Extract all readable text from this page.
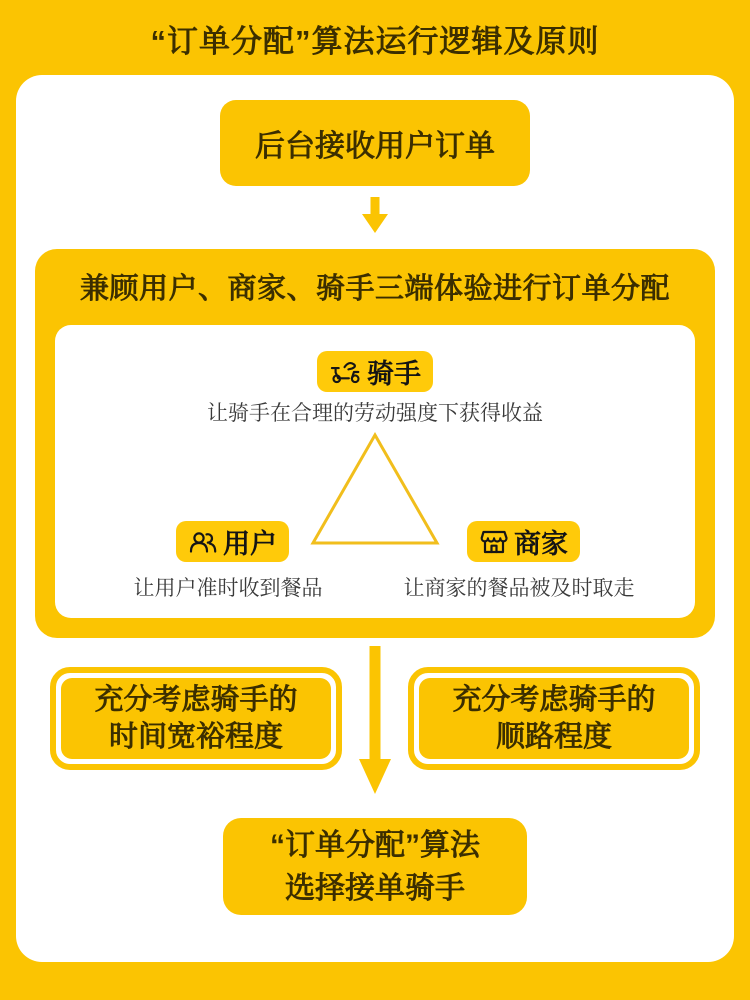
“订单分配”算法运行逻辑及原则
后台接收用户订单
兼顾用户、商家、骑手三端体验进行订单分配
骑手
让骑手在合理的劳动强度下获得收益
用户
让用户准时收到餐品
商家
让商家的餐品被及时取走
充分考虑骑手的
时间宽裕程度
充分考虑骑手的
顺路程度
“订单分配”算法
选择接单骑手
